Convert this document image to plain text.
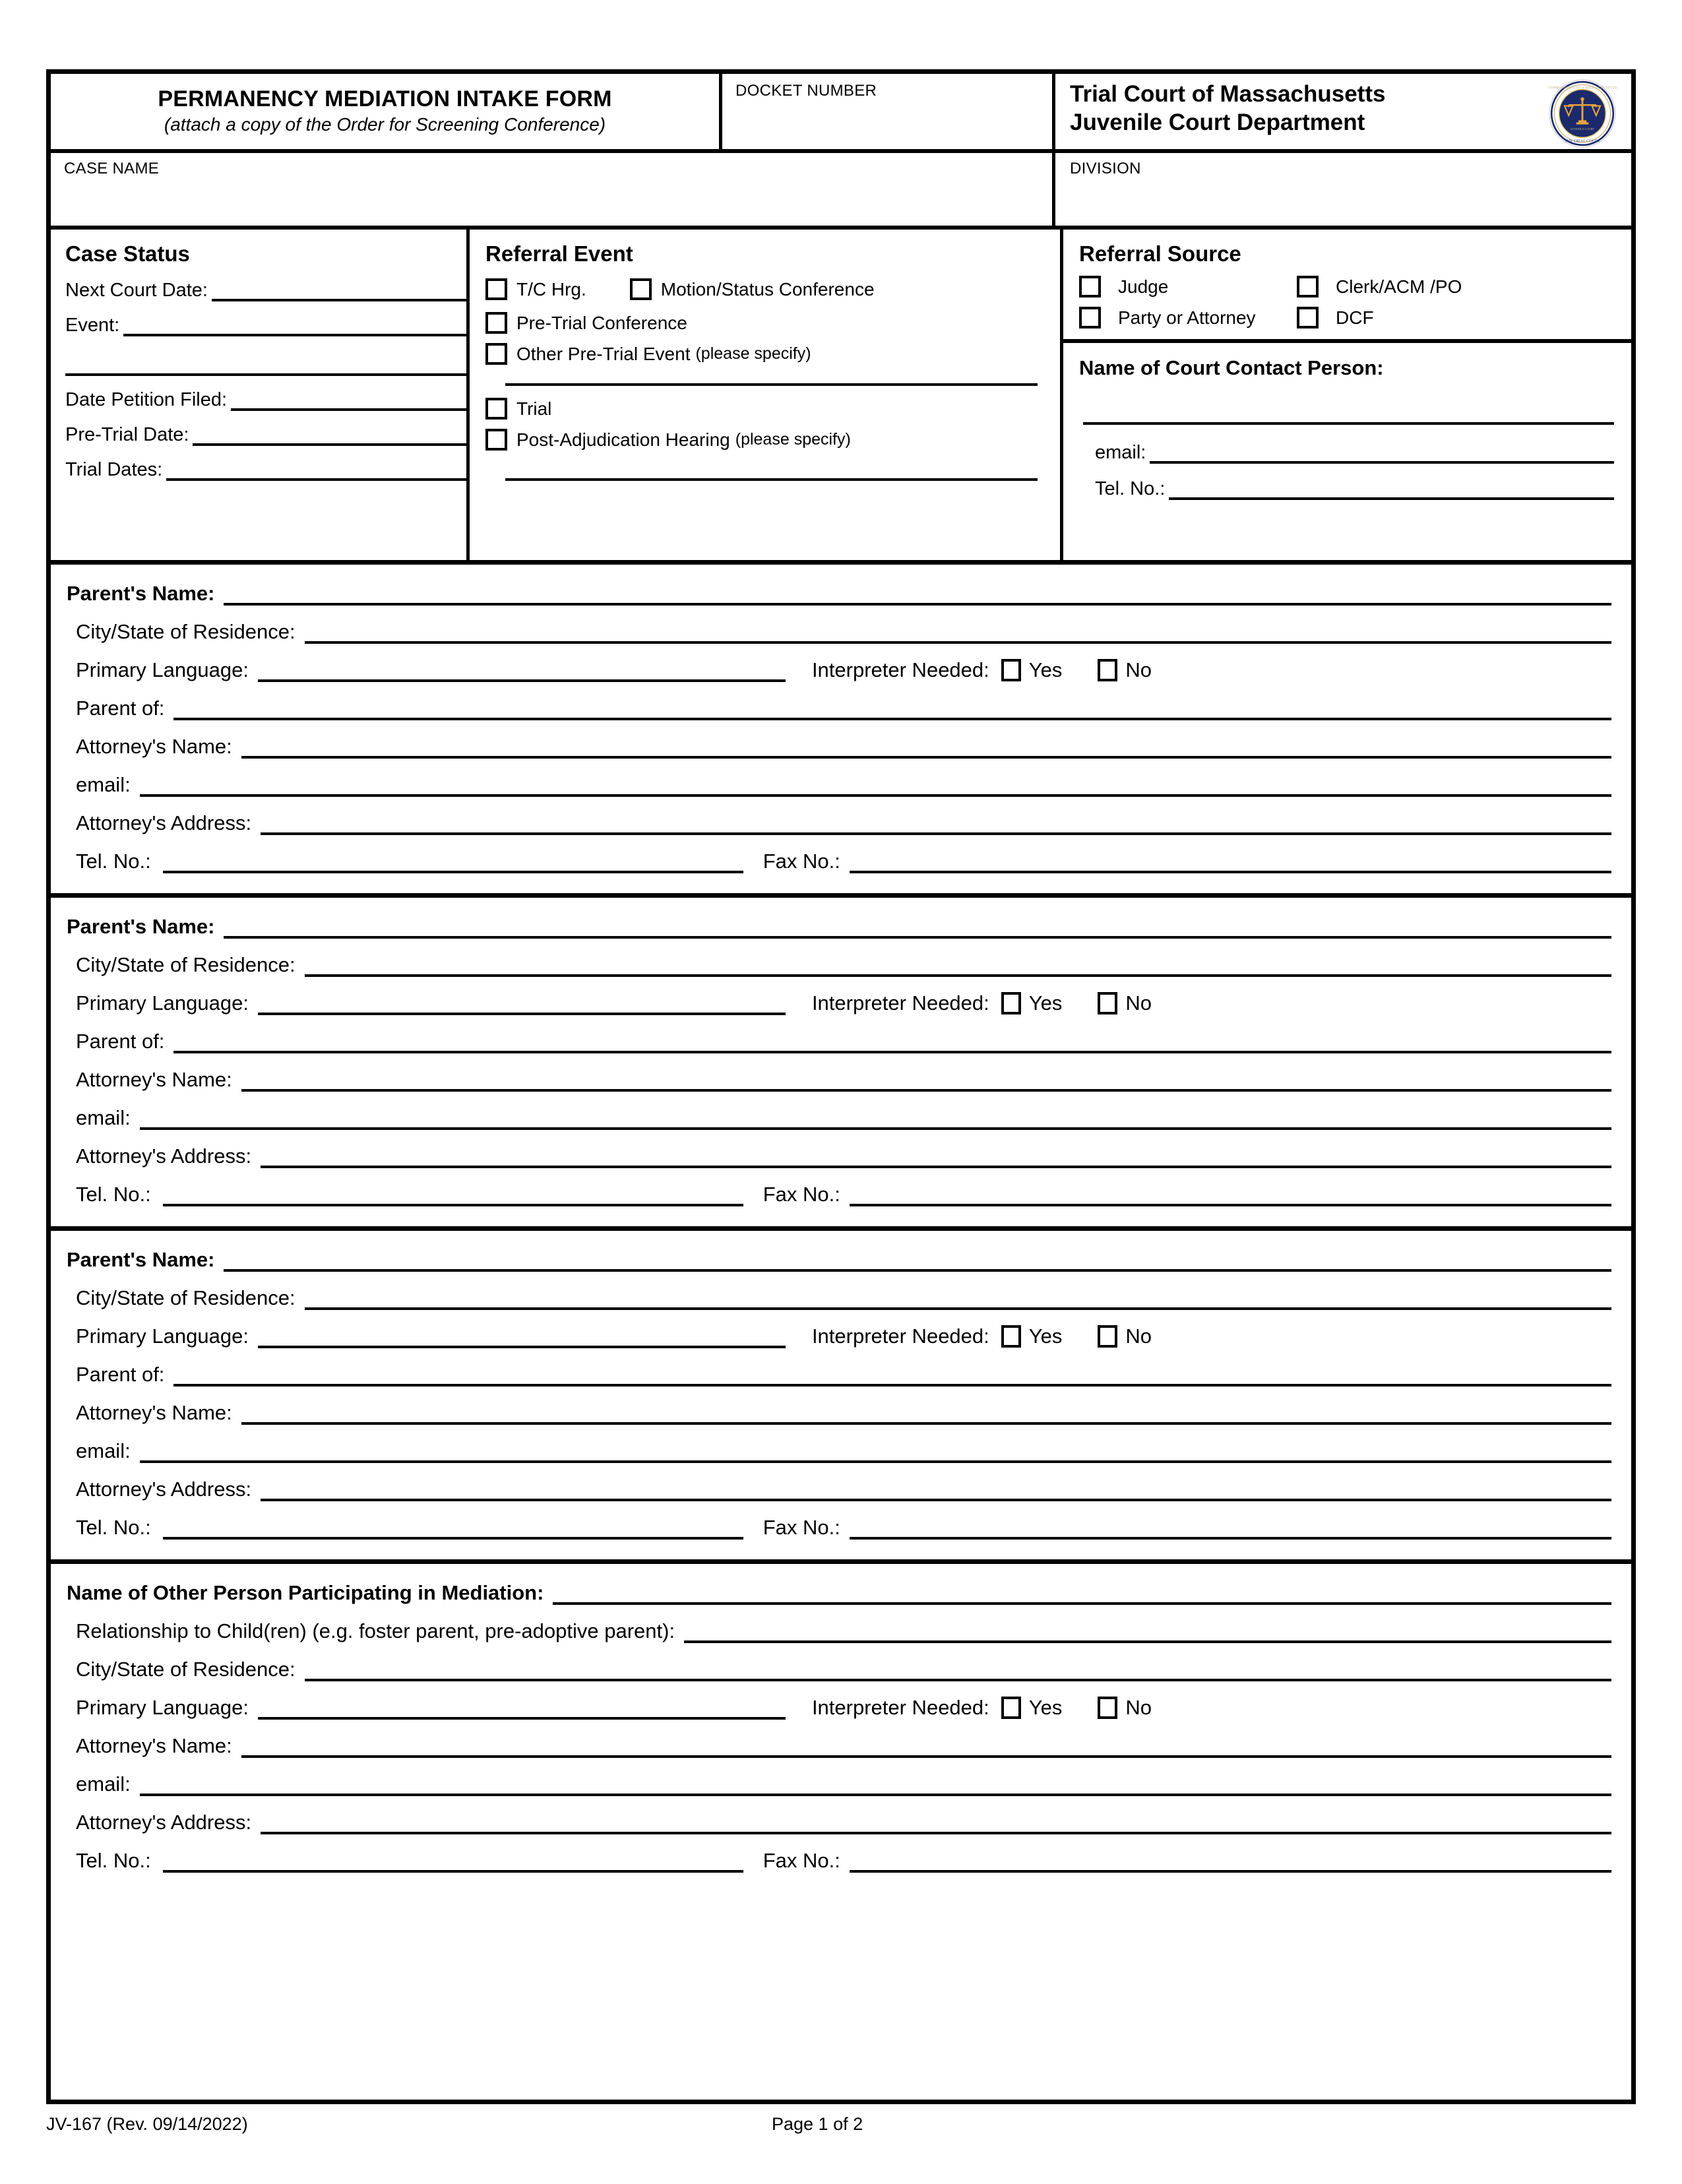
PERMANENCY MEDIATION INTAKE FORM
(attach a copy of the Order for Screening Conference)
DOCKET NUMBER	Trial Court of Massachusetts
Juvenile Court Department
COMMONWEALTH of MASSACHUSETTS
JUVENILE COURT
THE TRIAL COURT
CASE NAME	DIVISION
Case Status
Next Court Date:
Event:
Date Petition Filed:
Pre-Trial Date:
Trial Dates:
Referral Event
T/C Hrg.	Motion/Status Conference
Pre-Trial Conference
Other Pre-Trial Event (please specify)
Trial
Post-Adjudication Hearing (please specify)
Referral Source
Judge
Party or Attorney
Clerk/ACM /PO
DCF
Name of Court Contact Person:
email:
Tel. No.:
Parent's Name:
City/State of Residence:
Primary Language:	Interpreter Needed: Yes	No
Parent of:
Attorney's Name:
email:
Attorney's Address:
Tel. No.:	Fax No.:
Parent's Name:
City/State of Residence:
Primary Language:	Interpreter Needed: Yes	No
Parent of:
Attorney's Name:
email:
Attorney's Address:
Tel. No.:	Fax No.:
Parent's Name:
City/State of Residence:
Primary Language:	Interpreter Needed: Yes	No
Parent of:
Attorney's Name:
email:
Attorney's Address:
Tel. No.:	Fax No.:
Name of Other Person Participating in Mediation:
Relationship to Child(ren) (e.g. foster parent, pre-adoptive parent):
City/State of Residence:
Primary Language:	Interpreter Needed: Yes	No
Attorney's Name:
email:
Attorney's Address:
Tel. No.:	Fax No.:
JV-167 (Rev. 09/14/2022)	Page 1 of 2
